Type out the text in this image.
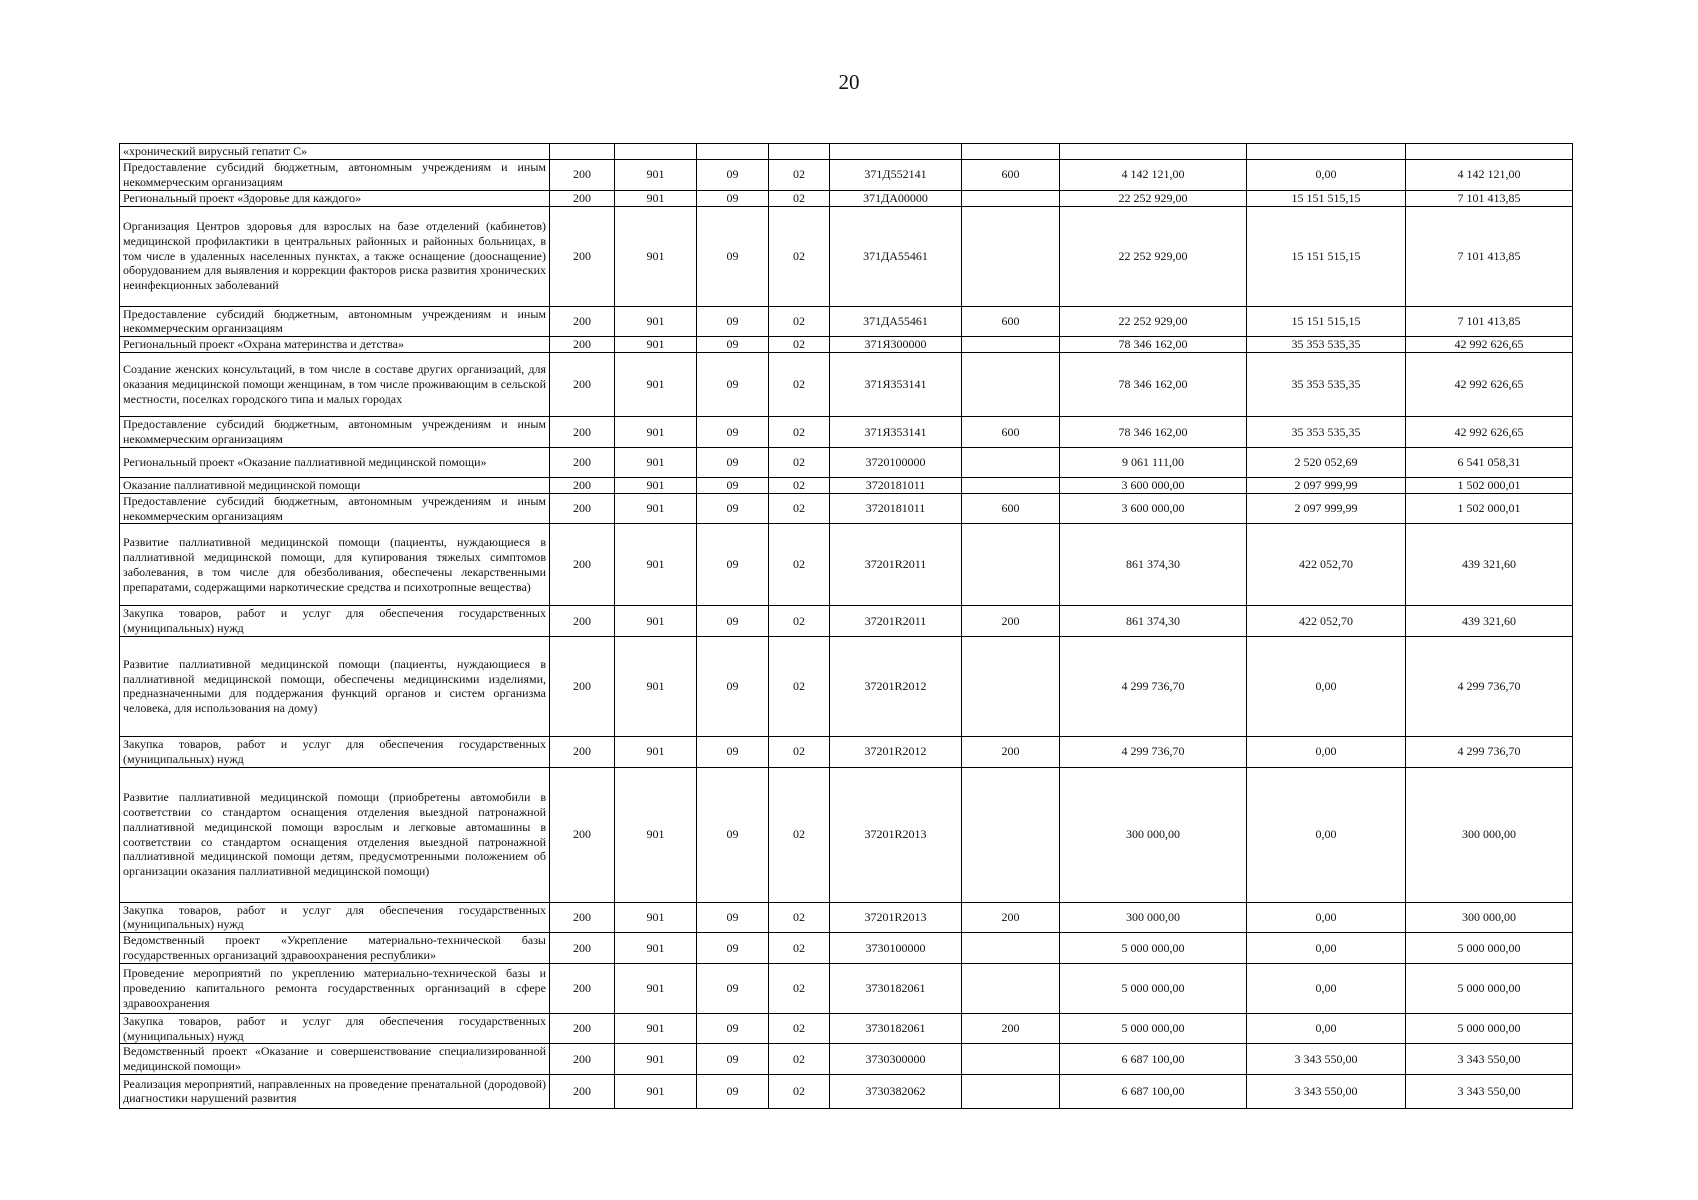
20
«хронический вирусный гепатит С»									
Предоставление субсидий бюджетным, автономным учреждениям и иным некоммерческим организациям	200	901	09	02	371Д552141	600	4 142 121,00	0,00	4 142 121,00
Региональный проект «Здоровье для каждого»	200	901	09	02	371ДА00000		22 252 929,00	15 151 515,15	7 101 413,85
Организация Центров здоровья для взрослых на базе отделений (кабинетов) медицинской профилактики в центральных районных и районных больницах, в том числе в удаленных населенных пунктах, а также оснащение (дооснащение) оборудованием для выявления и коррекции факторов риска развития хронических неинфекционных заболеваний	200	901	09	02	371ДА55461		22 252 929,00	15 151 515,15	7 101 413,85
Предоставление субсидий бюджетным, автономным учреждениям и иным некоммерческим организациям	200	901	09	02	371ДА55461	600	22 252 929,00	15 151 515,15	7 101 413,85
Региональный проект «Охрана материнства и детства»	200	901	09	02	371Я300000		78 346 162,00	35 353 535,35	42 992 626,65
Создание женских консультаций, в том числе в составе других организаций, для оказания медицинской помощи женщинам, в том числе проживающим в сельской местности, поселках городского типа и малых городах	200	901	09	02	371Я353141		78 346 162,00	35 353 535,35	42 992 626,65
Предоставление субсидий бюджетным, автономным учреждениям и иным некоммерческим организациям	200	901	09	02	371Я353141	600	78 346 162,00	35 353 535,35	42 992 626,65
Региональный проект «Оказание паллиативной медицинской помощи»	200	901	09	02	3720100000		9 061 111,00	2 520 052,69	6 541 058,31
Оказание паллиативной медицинской помощи	200	901	09	02	3720181011		3 600 000,00	2 097 999,99	1 502 000,01
Предоставление субсидий бюджетным, автономным учреждениям и иным некоммерческим организациям	200	901	09	02	3720181011	600	3 600 000,00	2 097 999,99	1 502 000,01
Развитие паллиативной медицинской помощи (пациенты, нуждающиеся в паллиативной медицинской помощи, для купирования тяжелых симптомов заболевания, в том числе для обезболивания, обеспечены лекарственными препаратами, содержащими наркотические средства и психотропные вещества)	200	901	09	02	37201R2011		861 374,30	422 052,70	439 321,60
Закупка товаров, работ и услуг для обеспечения государственных (муниципальных) нужд	200	901	09	02	37201R2011	200	861 374,30	422 052,70	439 321,60
Развитие паллиативной медицинской помощи (пациенты, нуждающиеся в паллиативной медицинской помощи, обеспечены медицинскими изделиями, предназначенными для поддержания функций органов и систем организма человека, для использования на дому)	200	901	09	02	37201R2012		4 299 736,70	0,00	4 299 736,70
Закупка товаров, работ и услуг для обеспечения государственных (муниципальных) нужд	200	901	09	02	37201R2012	200	4 299 736,70	0,00	4 299 736,70
Развитие паллиативной медицинской помощи (приобретены автомобили в соответствии со стандартом оснащения отделения выездной патронажной паллиативной медицинской помощи взрослым и легковые автомашины в соответствии со стандартом оснащения отделения выездной патронажной паллиативной медицинской помощи детям, предусмотренными положением об организации оказания паллиативной медицинской помощи)	200	901	09	02	37201R2013		300 000,00	0,00	300 000,00
Закупка товаров, работ и услуг для обеспечения государственных (муниципальных) нужд	200	901	09	02	37201R2013	200	300 000,00	0,00	300 000,00
Ведомственный проект «Укрепление материально-технической базы государственных организаций здравоохранения республики»	200	901	09	02	3730100000		5 000 000,00	0,00	5 000 000,00
Проведение мероприятий по укреплению материально-технической базы и проведению капитального ремонта государственных организаций в сфере здравоохранения	200	901	09	02	3730182061		5 000 000,00	0,00	5 000 000,00
Закупка товаров, работ и услуг для обеспечения государственных (муниципальных) нужд	200	901	09	02	3730182061	200	5 000 000,00	0,00	5 000 000,00
Ведомственный проект «Оказание и совершенствование специализированной медицинской помощи»	200	901	09	02	3730300000		6 687 100,00	3 343 550,00	3 343 550,00
Реализация мероприятий, направленных на проведение пренатальной (дородовой) диагностики нарушений развития	200	901	09	02	3730382062		6 687 100,00	3 343 550,00	3 343 550,00
